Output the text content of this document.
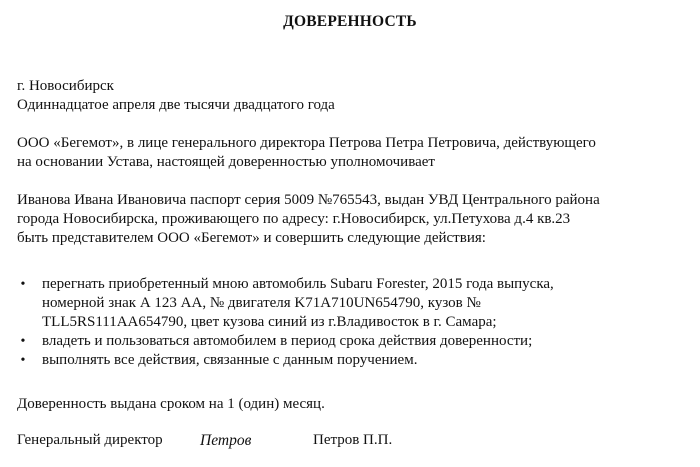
ДОВЕРЕННОСТЬ
г. Новосибирск
Одиннадцатое апреля две тысячи двадцатого года
ООО «Бегемот», в лице генерального директора Петрова Петра Петровича, действующего
на основании Устава, настоящей доверенностью уполномочивает
Иванова Ивана Ивановича паспорт серия 5009 №765543, выдан УВД Центрального района
города Новосибирска, проживающего по адресу: г.Новосибирск, ул.Петухова д.4 кв.23
быть представителем ООО «Бегемот» и совершить следующие действия:
• перегнать приобретенный мною автомобиль Subaru Forester, 2015 года выпуска,
номерной знак А 123 АА, № двигателя K71A710UN654790, кузов №
TLL5RS111AA654790, цвет кузова синий из г.Владивосток в г. Самара;
• владеть и пользоваться автомобилем в период срока действия доверенности;
• выполнять все действия, связанные с данным поручением.
Доверенность выдана сроком на 1 (один) месяц.
Генеральный директор Петров	Петров П.П.
